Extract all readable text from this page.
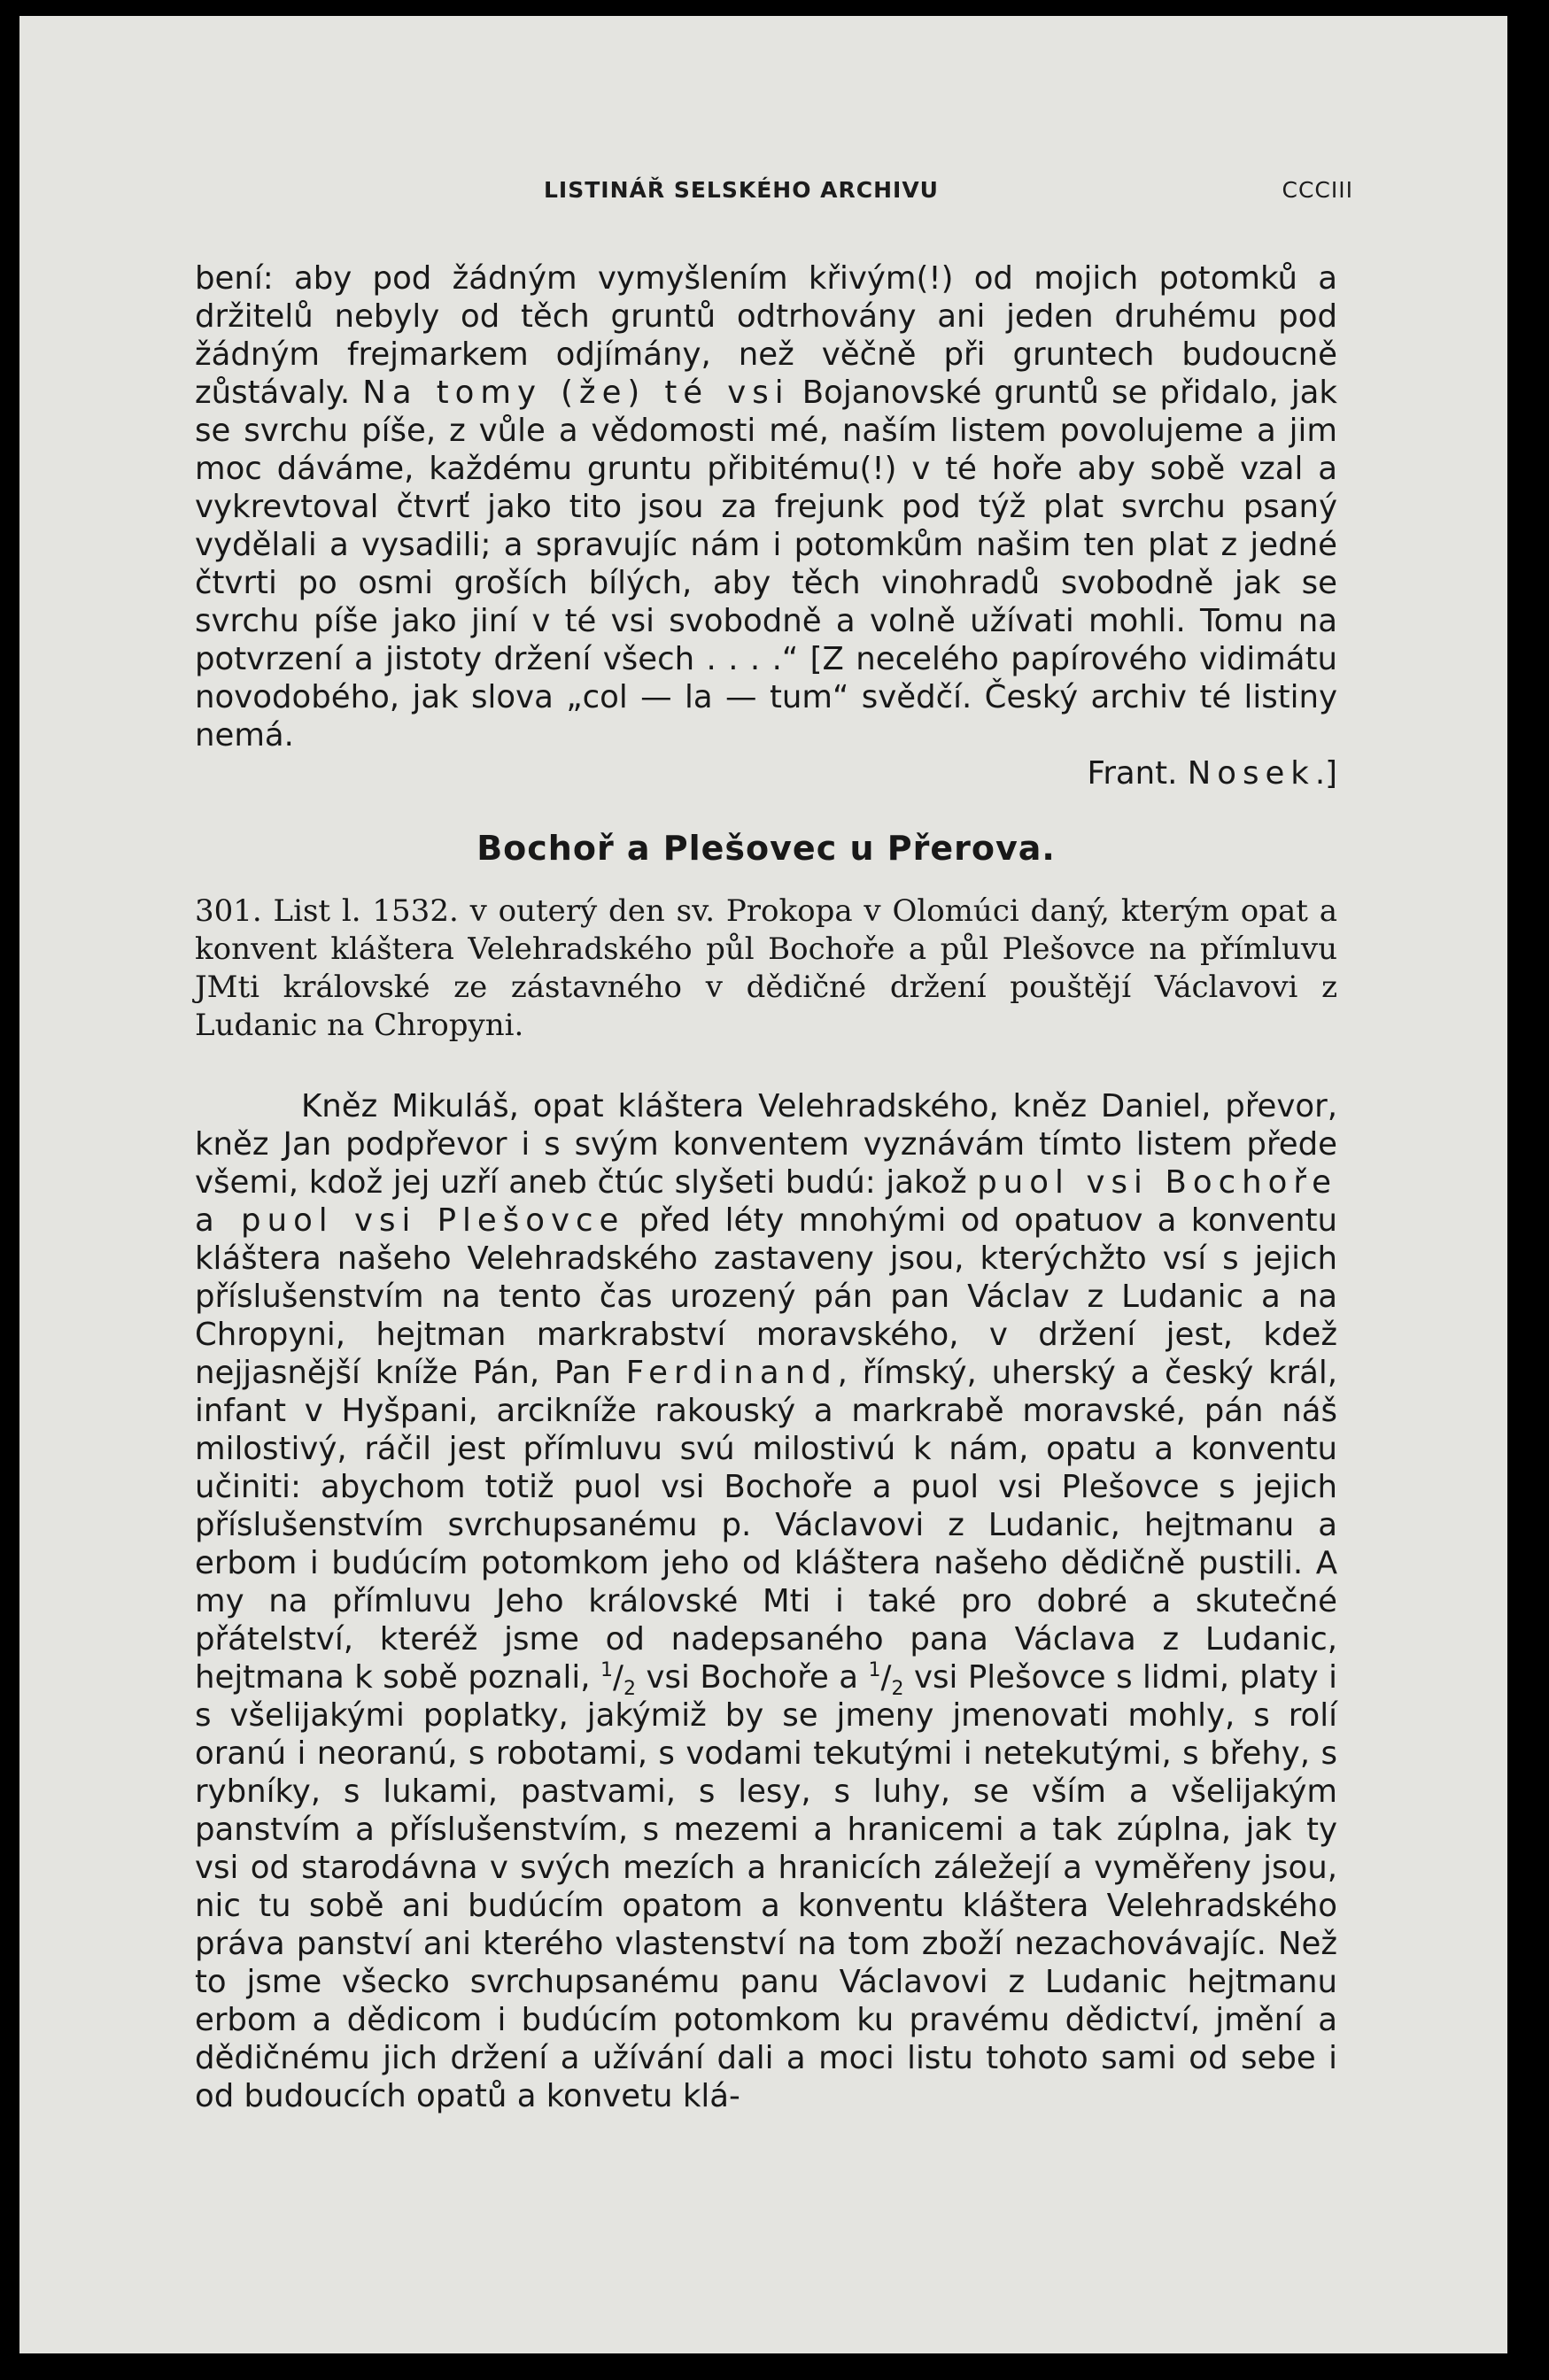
LISTINÁŘ SELSKÉHO ARCHIVU	CCCIII

bení: aby pod žádným vymyšlením křivým(!) od mojich potomků a držitelů nebyly od těch gruntů odtrhovány ani jeden druhému pod žádným frejmarkem odjímány, než věčně při gruntech budoucně zůstávaly. Na tomy (že) té vsi Bojanovské gruntů se přidalo, jak se svrchu píše, z vůle a vědomosti mé, naším listem povolujeme a jim moc dáváme, každému gruntu přibitému(!) v té hoře aby sobě vzal a vykrevtoval čtvrť jako tito jsou za frejunk pod týž plat svrchu psaný vydělali a vysadili; a spravujíc nám i potomkům našim ten plat z jedné čtvrti po osmi groších bílých, aby těch vinohradů svobodně jak se svrchu píše jako jiní v té vsi svobodně a volně užívati mohli. Tomu na potvrzení a jistoty držení všech . . . .“ [Z necelého papírového vidimátu novodobého, jak slova „col — la — tum“ svědčí. Český archiv té listiny nemá.

Frant. Nosek.]

Bochoř a Plešovec u Přerova.

301. List l. 1532. v outerý den sv. Prokopa v Olomúci daný, kterým opat a konvent kláštera Velehradského půl Bochoře a půl Plešovce na přímluvu JMti královské ze zástavného v dědičné držení pouštějí Václavovi z Ludanic na Chropyni.

Kněz Mikuláš, opat kláštera Velehradského, kněz Daniel, převor, kněz Jan podpřevor i s svým konventem vyznávám tímto listem přede všemi, kdož jej uzří aneb čtúc slyšeti budú: jakož puol vsi Bochoře a puol vsi Plešovce před léty mnohými od opatuov a konventu kláštera našeho Velehradského zastaveny jsou, kterýchžto vsí s jejich příslušenstvím na tento čas urozený pán pan Václav z Ludanic a na Chropyni, hejtman markrabství moravského, v držení jest, kdež nejjasnější kníže Pán, Pan Ferdinand, římský, uherský a český král, infant v Hyšpani, arcikníže rakouský a markrabě moravské, pán náš milostivý, ráčil jest přímluvu svú milostivú k nám, opatu a konventu učiniti: abychom totiž puol vsi Bochoře a puol vsi Plešovce s jejich příslušenstvím svrchupsanému p. Václavovi z Ludanic, hejtmanu a erbom i budúcím potomkom jeho od kláštera našeho dědičně pustili. A my na přímluvu Jeho královské Mti i také pro dobré a skutečné přátelství, kteréž jsme od nadepsaného pana Václava z Ludanic, hejtmana k sobě poznali, $^1/_2$ vsi Bochoře a $^1/_2$ vsi Plešovce s lidmi, platy i s všelijakými poplatky, jakýmiž by se jmeny jmenovati mohly, s rolí oranú i neoranú, s robotami, s vodami tekutými i netekutými, s břehy, s rybníky, s lukami, pastvami, s lesy, s luhy, se vším a všelijakým panstvím a příslušenstvím, s mezemi a hranicemi a tak zúplna, jak ty vsi od starodávna v svých mezích a hranicích záležejí a vyměřeny jsou, nic tu sobě ani budúcím opatom a konventu kláštera Velehradského práva panství ani kterého vlastenství na tom zboží nezachovávajíc. Než to jsme všecko svrchupsanému panu Václavovi z Ludanic hejtmanu erbom a dědicom i budúcím potomkom ku pravému dědictví, jmění a dědičnému jich držení a užívání dali a moci listu tohoto sami od sebe i od budoucích opatů a konvetu klá-
